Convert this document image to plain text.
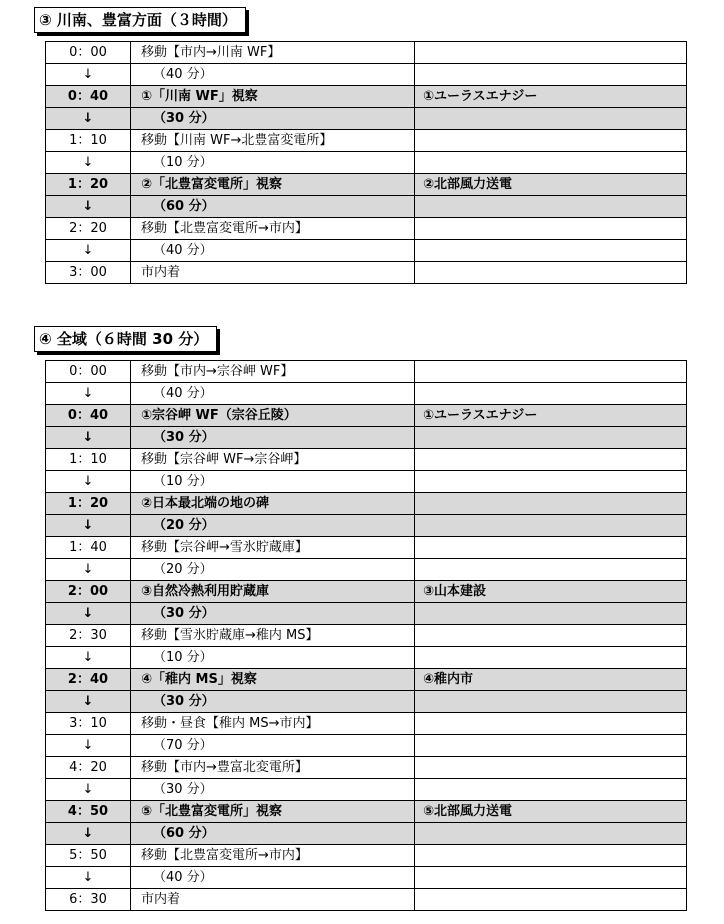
③ 川南、豊富方面（３時間）
0：00	移動【市内→川南 WF】	
↓	（40 分）	
0：40	①「川南 WF」視察	①ユーラスエナジー
↓	（30 分）	
1：10	移動【川南 WF→北豊富変電所】	
↓	（10 分）	
1：20	②「北豊富変電所」視察	②北部風力送電
↓	（60 分）	
2：20	移動【北豊富変電所→市内】	
↓	（40 分）	
3：00	市内着	
④ 全域（６時間 30 分）
0：00	移動【市内→宗谷岬 WF】	
↓	（40 分）	
0：40	①宗谷岬 WF（宗谷丘陵）	①ユーラスエナジー
↓	（30 分）	
1：10	移動【宗谷岬 WF→宗谷岬】	
↓	（10 分）	
1：20	②日本最北端の地の碑	
↓	（20 分）	
1：40	移動【宗谷岬→雪氷貯蔵庫】	
↓	（20 分）	
2：00	③自然冷熱利用貯蔵庫	③山本建設
↓	（30 分）	
2：30	移動【雪氷貯蔵庫→稚内 MS】	
↓	（10 分）	
2：40	④「稚内 MS」視察	④稚内市
↓	（30 分）	
3：10	移動・昼食【稚内 MS→市内】	
↓	（70 分）	
4：20	移動【市内→豊富北変電所】	
↓	（30 分）	
4：50	⑤「北豊富変電所」視察	⑤北部風力送電
↓	（60 分）	
5：50	移動【北豊富変電所→市内】	
↓	（40 分）	
6：30	市内着	
